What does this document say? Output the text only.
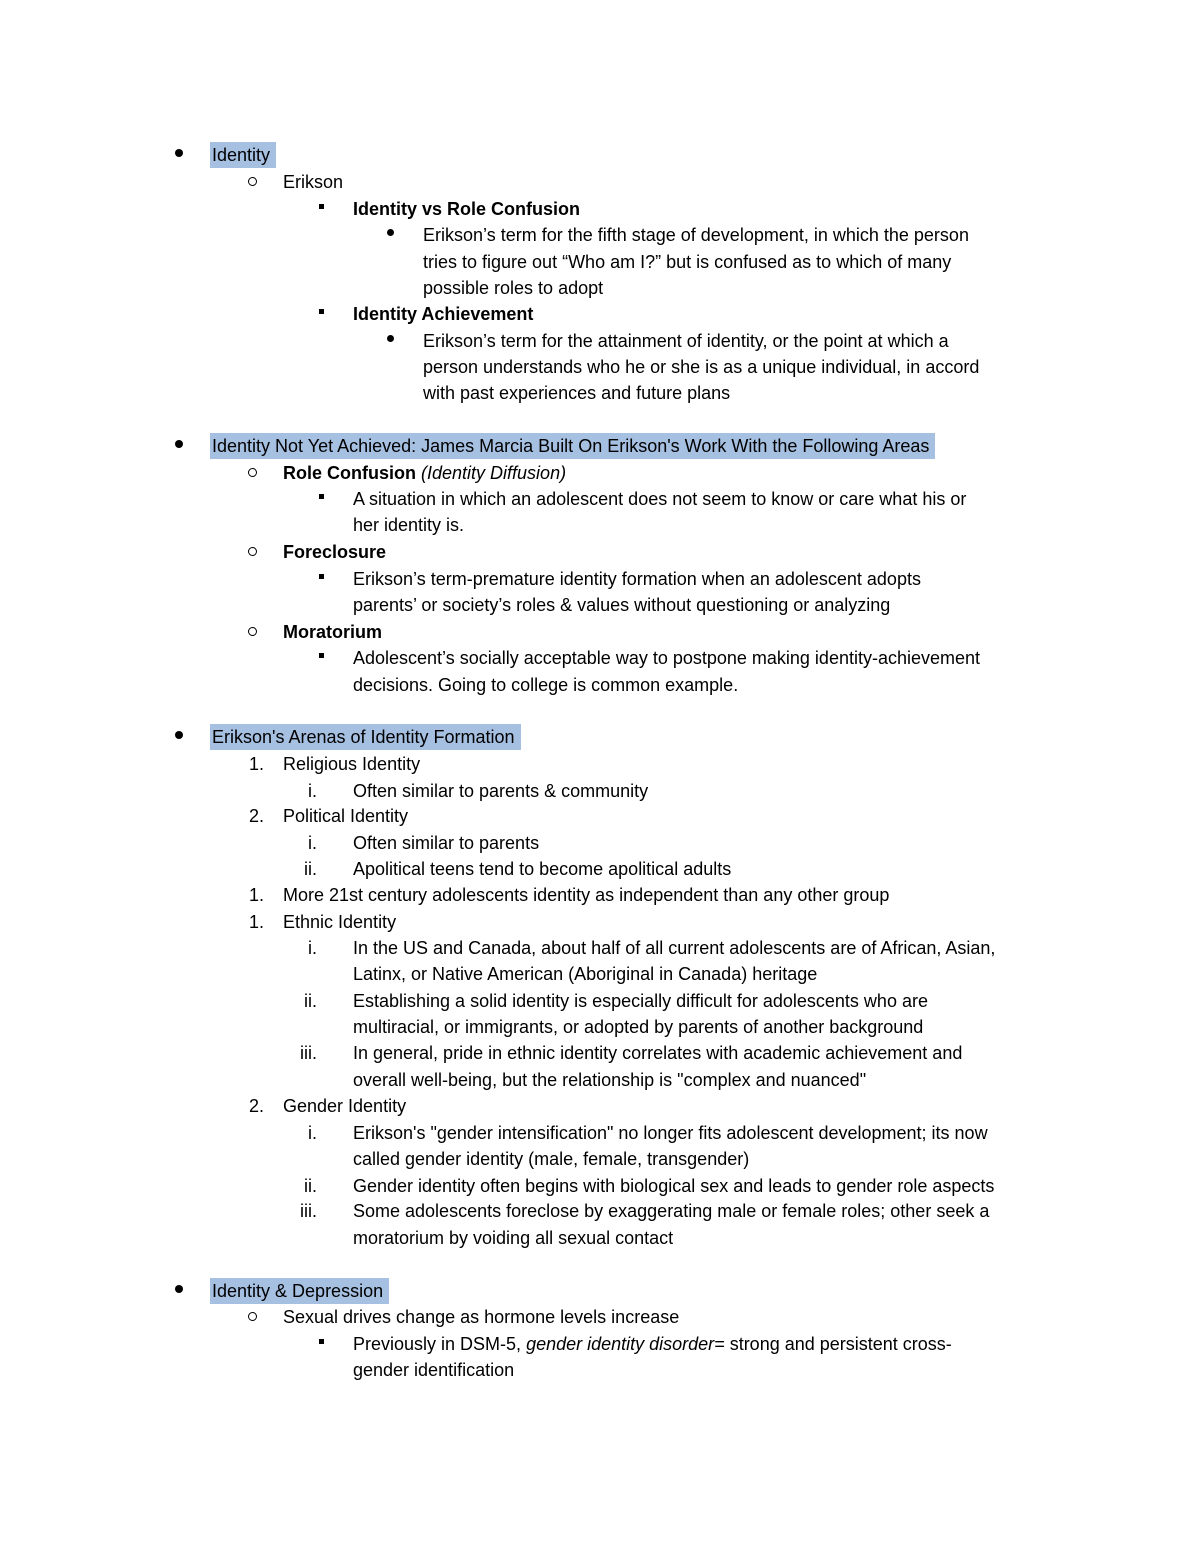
Identity
Erikson
Identity vs Role Confusion
Erikson’s term for the fifth stage of development, in which the person
tries to figure out “Who am I?” but is confused as to which of many
possible roles to adopt
Identity Achievement
Erikson’s term for the attainment of identity, or the point at which a
person understands who he or she is as a unique individual, in accord
with past experiences and future plans
Identity Not Yet Achieved: James Marcia Built On Erikson's Work With the Following Areas
Role Confusion (Identity Diffusion)
A situation in which an adolescent does not seem to know or care what his or
her identity is.
Foreclosure
Erikson’s term-premature identity formation when an adolescent adopts
parents’ or society’s roles & values without questioning or analyzing
Moratorium
Adolescent’s socially acceptable way to postpone making identity-achievement
decisions. Going to college is common example.
Erikson's Arenas of Identity Formation
1. Religious Identity
i. Often similar to parents & community
2. Political Identity
i. Often similar to parents
ii. Apolitical teens tend to become apolitical adults
1. More 21st century adolescents identity as independent than any other group
1. Ethnic Identity
i. In the US and Canada, about half of all current adolescents are of African, Asian,
Latinx, or Native American (Aboriginal in Canada) heritage
ii. Establishing a solid identity is especially difficult for adolescents who are
multiracial, or immigrants, or adopted by parents of another background
iii. In general, pride in ethnic identity correlates with academic achievement and
overall well-being, but the relationship is "complex and nuanced"
2. Gender Identity
i. Erikson's "gender intensification" no longer fits adolescent development; its now
called gender identity (male, female, transgender)
ii. Gender identity often begins with biological sex and leads to gender role aspects
iii. Some adolescents foreclose by exaggerating male or female roles; other seek a
moratorium by voiding all sexual contact
Identity & Depression
Sexual drives change as hormone levels increase
Previously in DSM-5, gender identity disorder= strong and persistent cross-
gender identification
